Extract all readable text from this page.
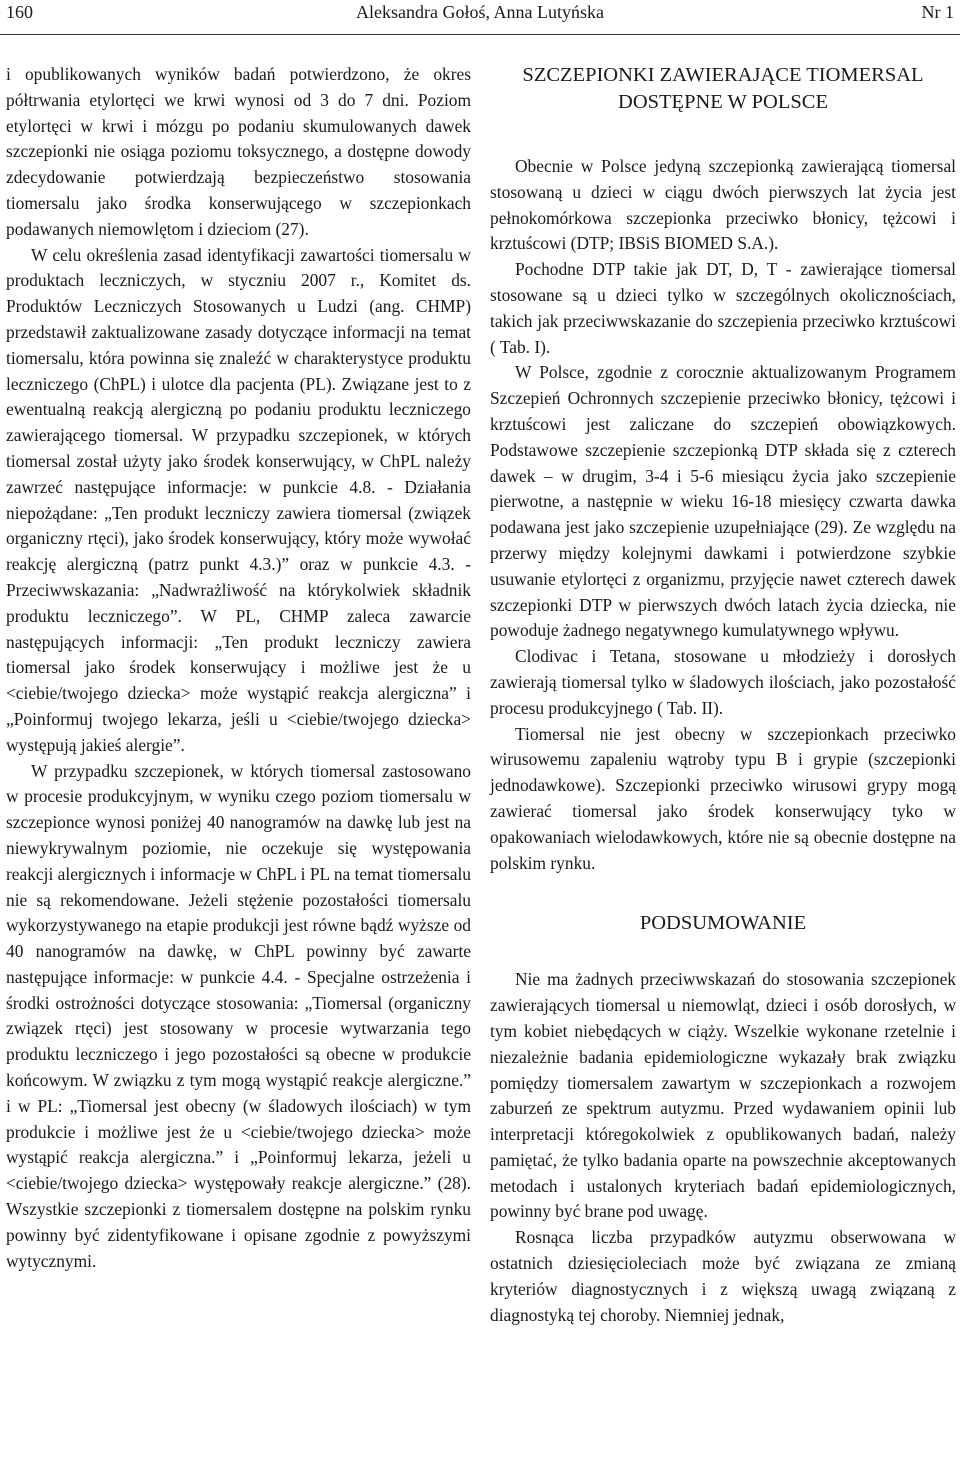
160	Aleksandra Gołoś, Anna Lutyńska	Nr 1

i opublikowanych wyników badań potwierdzono, że okres półtrwania etylortęci we krwi wynosi od 3 do 7 dni. Poziom etylortęci w krwi i mózgu po podaniu skumulowanych dawek szczepionki nie osiąga poziomu toksycznego, a dostępne dowody zdecydowanie potwierdzają bezpieczeństwo stosowania tiomersalu jako środka konserwującego w szczepionkach podawanych niemowlętom i dzieciom (27).

W celu określenia zasad identyfikacji zawartości tiomersalu w produktach leczniczych, w styczniu 2007 r., Komitet ds. Produktów Leczniczych Stosowanych u Ludzi (ang. CHMP) przedstawił zaktualizowane zasady dotyczące informacji na temat tiomersalu, która powinna się znaleźć w charakterystyce produktu leczniczego (ChPL) i ulotce dla pacjenta (PL). Związane jest to z ewentualną reakcją alergiczną po podaniu produktu leczniczego zawierającego tiomersal. W przypadku szczepionek, w których tiomersal został użyty jako środek konserwujący, w ChPL należy zawrzeć następujące informacje: w punkcie 4.8. - Działania niepożądane: „Ten produkt leczniczy zawiera tiomersal (związek organiczny rtęci), jako środek konserwujący, który może wywołać reakcję alergiczną (patrz punkt 4.3.)” oraz w punkcie 4.3. - Przeciwwskazania: „Nadwrażliwość na którykolwiek składnik produktu leczniczego”. W PL, CHMP zaleca zawarcie następujących informacji: „Ten produkt leczniczy zawiera tiomersal jako środek konserwujący i możliwe jest że u <ciebie/twojego dziecka> może wystąpić reakcja alergiczna” i „Poinformuj twojego lekarza, jeśli u <ciebie/twojego dziecka> występują jakieś alergie”.

W przypadku szczepionek, w których tiomersal zastosowano w procesie produkcyjnym, w wyniku czego poziom tiomersalu w szczepionce wynosi poniżej 40 nanogramów na dawkę lub jest na niewykrywalnym poziomie, nie oczekuje się występowania reakcji alergicznych i informacje w ChPL i PL na temat tiomersalu nie są rekomendowane. Jeżeli stężenie pozostałości tiomersalu wykorzystywanego na etapie produkcji jest równe bądź wyższe od 40 nanogramów na dawkę, w ChPL powinny być zawarte następujące informacje: w punkcie 4.4. - Specjalne ostrzeżenia i środki ostrożności dotyczące stosowania: „Tiomersal (organiczny związek rtęci) jest stosowany w procesie wytwarzania tego produktu leczniczego i jego pozostałości są obecne w produkcie końcowym. W związku z tym mogą wystąpić reakcje alergiczne.” i w PL: „Tiomersal jest obecny (w śladowych ilościach) w tym produkcie i możliwe jest że u <ciebie/twojego dziecka> może wystąpić reakcja alergiczna.” i „Poinformuj lekarza, jeżeli u <ciebie/twojego dziecka> występowały reakcje alergiczne.” (28). Wszystkie szczepionki z tiomersalem dostępne na polskim rynku powinny być zidentyfikowane i opisane zgodnie z powyższymi wytycznymi.

SZCZEPIONKI ZAWIERAJĄCE TIOMERSAL
DOSTĘPNE W POLSCE

Obecnie w Polsce jedyną szczepionką zawierającą tiomersal stosowaną u dzieci w ciągu dwóch pierwszych lat życia jest pełnokomórkowa szczepionka przeciwko błonicy, tężcowi i krztuścowi (DTP; IBSiS BIOMED S.A.).

Pochodne DTP takie jak DT, D, T - zawierające tiomersal stosowane są u dzieci tylko w szczególnych okolicznościach, takich jak przeciwwskazanie do szczepienia przeciwko krztuścowi ( Tab. I).

W Polsce, zgodnie z corocznie aktualizowanym Programem Szczepień Ochronnych szczepienie przeciwko błonicy, tężcowi i krztuścowi jest zaliczane do szczepień obowiązkowych. Podstawowe szczepienie szczepionką DTP składa się z czterech dawek – w drugim, 3-4 i 5-6 miesiącu życia jako szczepienie pierwotne, a następnie w wieku 16-18 miesięcy czwarta dawka podawana jest jako szczepienie uzupełniające (29). Ze względu na przerwy między kolejnymi dawkami i potwierdzone szybkie usuwanie etylortęci z organizmu, przyjęcie nawet czterech dawek szczepionki DTP w pierwszych dwóch latach życia dziecka, nie powoduje żadnego negatywnego kumulatywnego wpływu.

Clodivac i Tetana, stosowane u młodzieży i dorosłych zawierają tiomersal tylko w śladowych ilościach, jako pozostałość procesu produkcyjnego ( Tab. II).

Tiomersal nie jest obecny w szczepionkach przeciwko wirusowemu zapaleniu wątroby typu B i grypie (szczepionki jednodawkowe). Szczepionki przeciwko wirusowi grypy mogą zawierać tiomersal jako środek konserwujący tyko w opakowaniach wielodawkowych, które nie są obecnie dostępne na polskim rynku.

PODSUMOWANIE

Nie ma żadnych przeciwwskazań do stosowania szczepionek zawierających tiomersal u niemowląt, dzieci i osób dorosłych, w tym kobiet niebędących w ciąży. Wszelkie wykonane rzetelnie i niezależnie badania epidemiologiczne wykazały brak związku pomiędzy tiomersalem zawartym w szczepionkach a rozwojem zaburzeń ze spektrum autyzmu. Przed wydawaniem opinii lub interpretacji któregokolwiek z opublikowanych badań, należy pamiętać, że tylko badania oparte na powszechnie akceptowanych metodach i ustalonych kryteriach badań epidemiologicznych, powinny być brane pod uwagę.

Rosnąca liczba przypadków autyzmu obserwowana w ostatnich dziesięcioleciach może być związana ze zmianą kryteriów diagnostycznych i z większą uwagą związaną z diagnostyką tej choroby. Niemniej jednak,
